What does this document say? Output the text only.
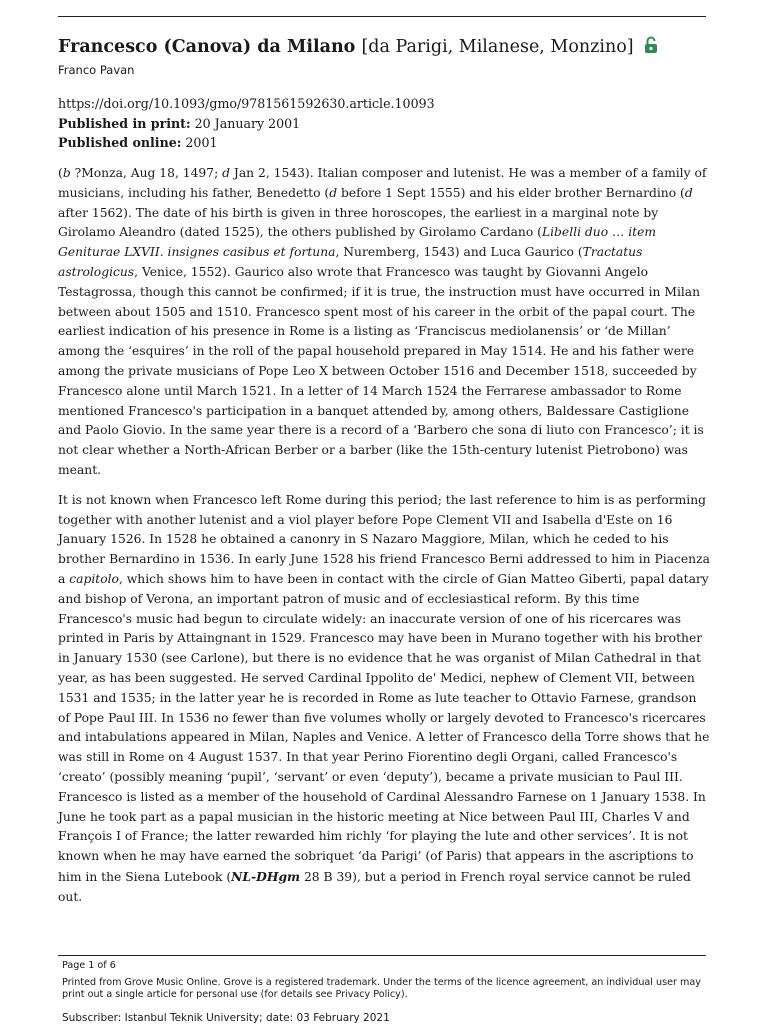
Francesco (Canova) da Milano [da Parigi, Milanese, Monzino]
Franco Pavan
https://doi.org/10.1093/gmo/9781561592630.article.10093
Published in print: 20 January 2001
Published online: 2001

(b ?Monza, Aug 18, 1497; d Jan 2, 1543). Italian composer and lutenist. He was a member of a family of musicians, including his father, Benedetto (d before 1 Sept 1555) and his elder brother Bernardino (d after 1562). The date of his birth is given in three horoscopes, the earliest in a marginal note by Girolamo Aleandro (dated 1525), the others published by Girolamo Cardano (Libelli duo … item Geniturae LXVII. insignes casibus et fortuna, Nuremberg, 1543) and Luca Gaurico (Tractatus astrologicus, Venice, 1552). Gaurico also wrote that Francesco was taught by Giovanni Angelo Testagrossa, though this cannot be confirmed; if it is true, the instruction must have occurred in Milan between about 1505 and 1510. Francesco spent most of his career in the orbit of the papal court. The earliest indication of his presence in Rome is a listing as ‘Franciscus mediolanensis’ or ‘de Millan’ among the ‘esquires’ in the roll of the papal household prepared in May 1514. He and his father were among the private musicians of Pope Leo X between October 1516 and December 1518, succeeded by Francesco alone until March 1521. In a letter of 14 March 1524 the Ferrarese ambassador to Rome mentioned Francesco's participation in a banquet attended by, among others, Baldessare Castiglione and Paolo Giovio. In the same year there is a record of a ‘Barbero che sona di liuto con Francesco’; it is not clear whether a North-African Berber or a barber (like the 15th-century lutenist Pietrobono) was meant.

It is not known when Francesco left Rome during this period; the last reference to him is as performing together with another lutenist and a viol player before Pope Clement VII and Isabella d'Este on 16 January 1526. In 1528 he obtained a canonry in S Nazaro Maggiore, Milan, which he ceded to his brother Bernardino in 1536. In early June 1528 his friend Francesco Berni addressed to him in Piacenza a capitolo, which shows him to have been in contact with the circle of Gian Matteo Giberti, papal datary and bishop of Verona, an important patron of music and of ecclesiastical reform. By this time Francesco's music had begun to circulate widely: an inaccurate version of one of his ricercares was printed in Paris by Attaingnant in 1529. Francesco may have been in Murano together with his brother in January 1530 (see Carlone), but there is no evidence that he was organist of Milan Cathedral in that year, as has been suggested. He served Cardinal Ippolito de' Medici, nephew of Clement VII, between 1531 and 1535; in the latter year he is recorded in Rome as lute teacher to Ottavio Farnese, grandson of Pope Paul III. In 1536 no fewer than five volumes wholly or largely devoted to Francesco's ricercares and intabulations appeared in Milan, Naples and Venice. A letter of Francesco della Torre shows that he was still in Rome on 4 August 1537. In that year Perino Fiorentino degli Organi, called Francesco's ‘creato’ (possibly meaning ‘pupil’, ‘servant’ or even ‘deputy’), became a private musician to Paul III. Francesco is listed as a member of the household of Cardinal Alessandro Farnese on 1 January 1538. In June he took part as a papal musician in the historic meeting at Nice between Paul III, Charles V and François I of France; the latter rewarded him richly ‘for playing the lute and other services’. It is not known when he may have earned the sobriquet ‘da Parigi’ (of Paris) that appears in the ascriptions to him in the Siena Lutebook (NL-DHgm 28 B 39), but a period in French royal service cannot be ruled out.

Page 1 of 6
Printed from Grove Music Online. Grove is a registered trademark. Under the terms of the licence agreement, an individual user may print out a single article for personal use (for details see Privacy Policy).
Subscriber: Istanbul Teknik University; date: 03 February 2021
